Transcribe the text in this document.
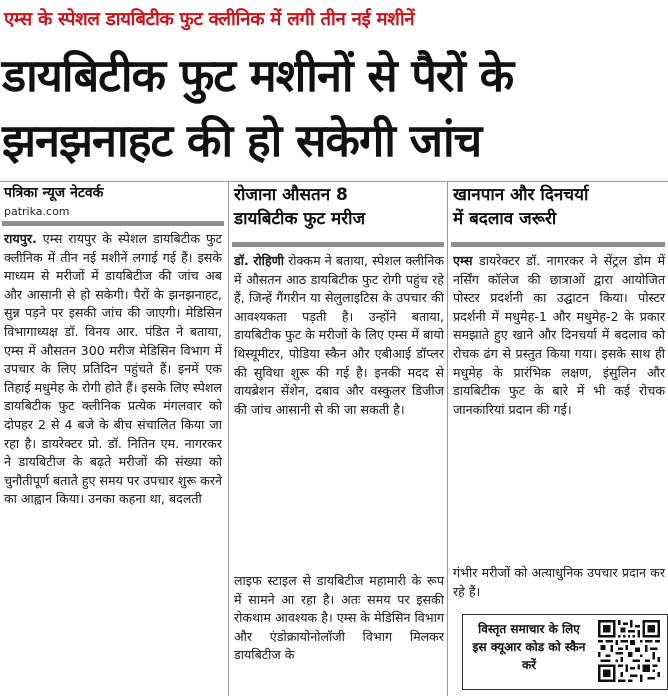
एम्स के स्पेशल डायबिटीक फुट क्लीनिक में लगी तीन नई मशीनें
डायबिटीक फुट मशीनों से पैरों के
झनझनाहट की हो सकेगी जांच
पत्रिका न्यूज नेटवर्क
patrika.com

रायपुर. एम्स रायपुर के स्पेशल डायबिटीक फुट क्लीनिक में तीन नई मशीनें लगाई गई हैं। इसके माध्यम से मरीजों में डायबिटीज की जांच अब और आसानी से हो सकेगी। पैरों के झनझनाहट, सुन्न पड़ने पर इसकी जांच की जाएगी। मेडिसिन विभागाध्यक्ष डॉ. विनय आर. पंडित ने बताया, एम्स में औसतन 300 मरीज मेडिसिन विभाग में उपचार के लिए प्रतिदिन पहुंचते हैं। इनमें एक तिहाई मधुमेह के रोगी होते हैं। इसके लिए स्पेशल डायबिटीक फुट क्लीनिक प्रत्येक मंगलवार को दोपहर 2 से 4 बजे के बीच संचालित किया जा रहा है। डायरेक्टर प्रो. डॉ. नितिन एम. नागरकर ने डायबिटीज के बढ़ते मरीजों की संख्या को चुनौतीपूर्ण बताते हुए समय पर उपचार शुरू करने का आह्वान किया। उनका कहना था, बदलती

रोजाना औसतन 8
डायबिटीक फुट मरीज

डॉ. रोहिणी रोक्कम ने बताया, स्पेशल क्लीनिक में औसतन आठ डायबिटीक फुट रोगी पहुंच रहे हैं, जिन्हें गैंगरीन या सेलुलाइटिस के उपचार की आवश्यकता पड़ती है। उन्होंने बताया, डायबिटीक फुट के मरीजों के लिए एम्स में बायो थिस्यूमीटर, पोडिया स्कैन और एबीआई डॉप्लर की सुविधा शुरू की गई है। इनकी मदद से वायब्रेशन सेंशेन, दबाव और वस्कुलर डिजीज की जांच आसानी से की जा सकती है।

लाइफ स्टाइल से डायबिटीज महामारी के रूप में सामने आ रहा है। अतः समय पर इसकी रोकथाम आवश्यक है। एम्स के मेडिसिन विभाग और एंडोक्रायोनोलॉजी विभाग मिलकर डायबिटीज के

खानपान और दिनचर्या
में बदलाव जरूरी

एम्स डायरेक्टर डॉ. नागरकर ने सेंट्रल डोम में नर्सिंग कॉलेज की छात्राओं द्वारा आयोजित पोस्टर प्रदर्शनी का उद्घाटन किया। पोस्टर प्रदर्शनी में मधुमेह-1 और मधुमेह-2 के प्रकार समझाते हुए खाने और दिनचर्या में बदलाव को रोचक ढंग से प्रस्तुत किया गया। इसके साथ ही मधुमेह के प्रारंभिक लक्षण, इंसुलिन और डायबिटीक फुट के बारे में भी कई रोचक जानकारियां प्रदान की गई।

गंभीर मरीजों को अत्याधुनिक उपचार प्रदान कर रहे हैं।

विस्तृत समाचार के लिए इस क्यूआर कोड को स्कैन करें
